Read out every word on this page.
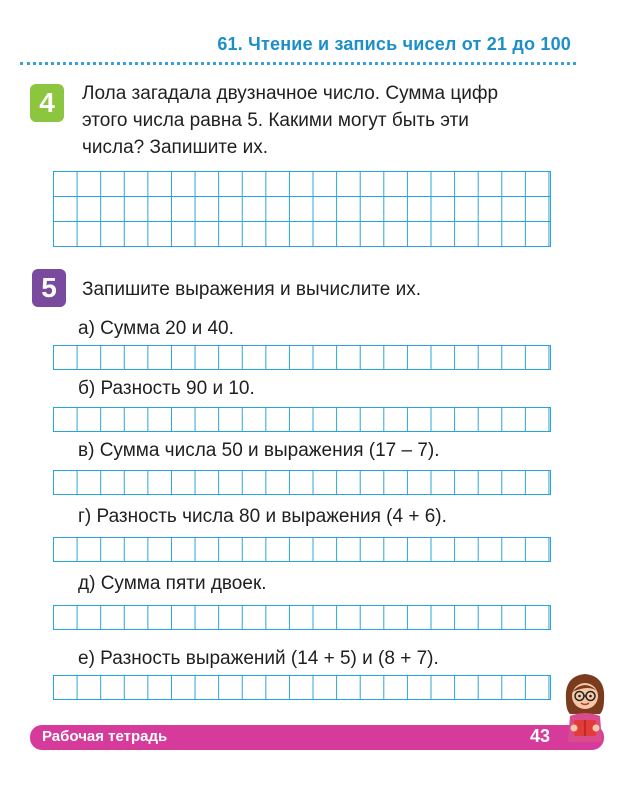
61. Чтение и запись чисел от 21 до 100
4	Лола загадала двузначное число. Сумма цифр этого числа равна 5. Какими могут быть эти числа? Запишите их.
5	Запишите выражения и вычислите их.
а) Сумма 20 и 40.
б) Разность 90 и 10.
в) Сумма числа 50 и выражения (17 – 7).
г) Разность числа 80 и выражения (4 + 6).
д) Сумма пяти двоек.
е) Разность выражений (14 + 5) и (8 + 7).
Рабочая тетрадь	43
